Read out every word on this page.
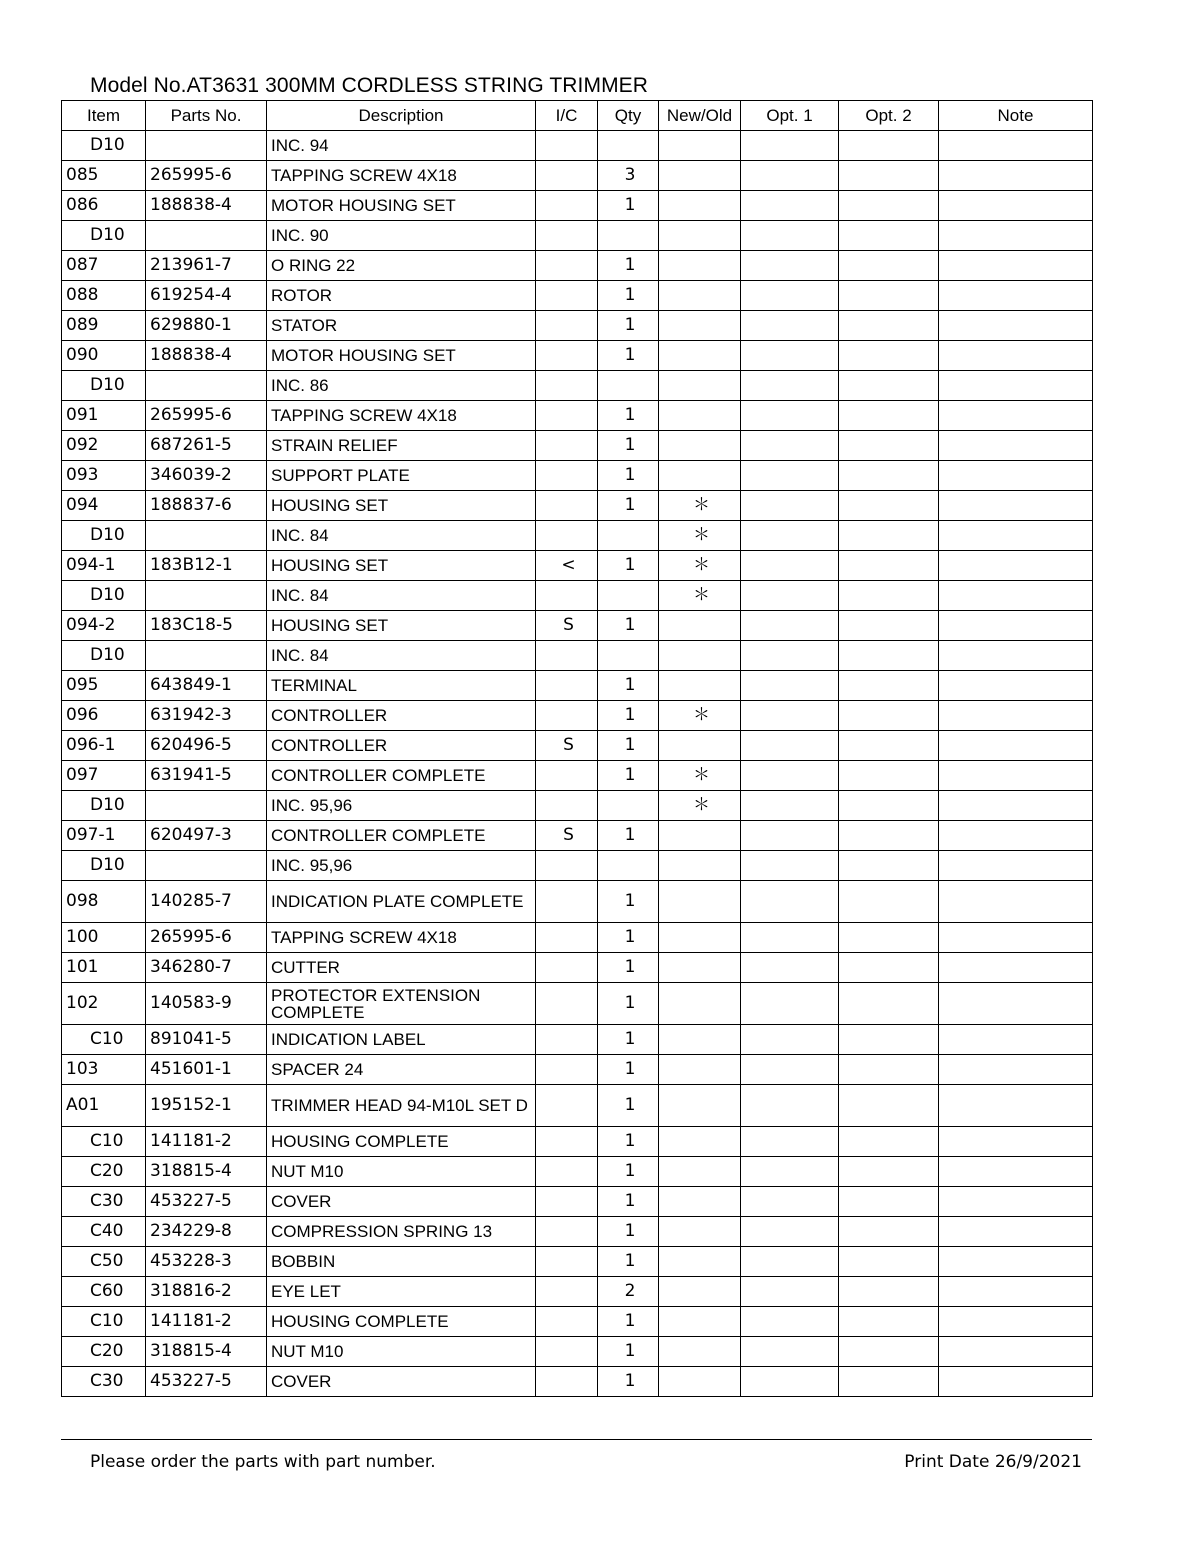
Model No.AT3631 300MM CORDLESS STRING TRIMMER
Item	Parts No.	Description	I/C	Qty	New/Old	Opt. 1	Opt. 2	Note
D10		INC. 94						
085	265995-6	TAPPING SCREW 4X18		3				
086	188838-4	MOTOR HOUSING SET		1				
D10		INC. 90						
087	213961-7	O RING 22		1				
088	619254-4	ROTOR		1				
089	629880-1	STATOR		1				
090	188838-4	MOTOR HOUSING SET		1				
D10		INC. 86						
091	265995-6	TAPPING SCREW 4X18		1				
092	687261-5	STRAIN RELIEF		1				
093	346039-2	SUPPORT PLATE		1				
094	188837-6	HOUSING SET		1	＊			
D10		INC. 84			＊			
094-1	183B12-1	HOUSING SET	<	1	＊			
D10		INC. 84			＊			
094-2	183C18-5	HOUSING SET	S	1				
D10		INC. 84						
095	643849-1	TERMINAL		1				
096	631942-3	CONTROLLER		1	＊			
096-1	620496-5	CONTROLLER	S	1				
097	631941-5	CONTROLLER COMPLETE		1	＊			
D10		INC. 95,96			＊			
097-1	620497-3	CONTROLLER COMPLETE	S	1				
D10		INC. 95,96						
098	140285-7	INDICATION PLATE COMPLETE		1				
100	265995-6	TAPPING SCREW 4X18		1				
101	346280-7	CUTTER		1				
102	140583-9	PROTECTOR EXTENSION COMPLETE		1				
C10	891041-5	INDICATION LABEL		1				
103	451601-1	SPACER 24		1				
A01	195152-1	TRIMMER HEAD 94-M10L SET D		1				
C10	141181-2	HOUSING COMPLETE		1				
C20	318815-4	NUT M10		1				
C30	453227-5	COVER		1				
C40	234229-8	COMPRESSION SPRING 13		1				
C50	453228-3	BOBBIN		1				
C60	318816-2	EYE LET		2				
C10	141181-2	HOUSING COMPLETE		1				
C20	318815-4	NUT M10		1				
C30	453227-5	COVER		1				
Please order the parts with part number.	Print Date 26/9/2021
